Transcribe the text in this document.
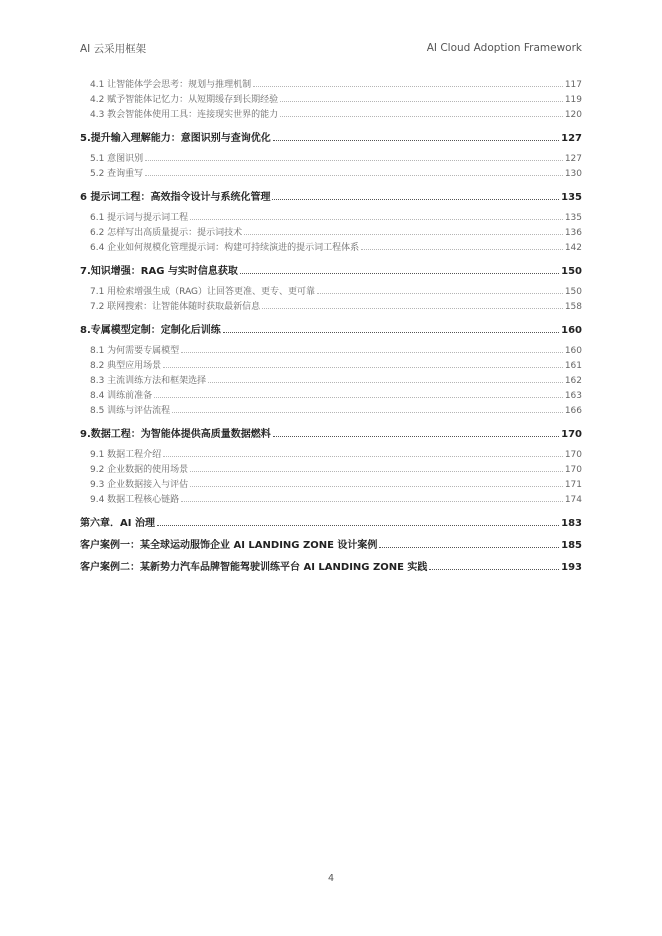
AI 云采用框架	AI Cloud Adoption Framework
4.1 让智能体学会思考：规划与推理机制	117
4.2 赋予智能体记忆力：从短期缓存到长期经验	119
4.3 教会智能体使用工具：连接现实世界的能力	120
5.提升输入理解能力：意图识别与查询优化	127
5.1 意图识别	127
5.2 查询重写	130
6 提示词工程：高效指令设计与系统化管理	135
6.1 提示词与提示词工程	135
6.2 怎样写出高质量提示：提示词技术	136
6.4 企业如何规模化管理提示词：构建可持续演进的提示词工程体系	142
7.知识增强：RAG 与实时信息获取	150
7.1 用检索增强生成（RAG）让回答更准、更专、更可靠	150
7.2 联网搜索：让智能体随时获取最新信息	158
8.专属模型定制：定制化后训练	160
8.1 为何需要专属模型	160
8.2 典型应用场景	161
8.3 主流训练方法和框架选择	162
8.4 训练前准备	163
8.5 训练与评估流程	166
9.数据工程：为智能体提供高质量数据燃料	170
9.1 数据工程介绍	170
9.2 企业数据的使用场景	170
9.3 企业数据接入与评估	171
9.4 数据工程核心链路	174
第六章．AI 治理	183
客户案例一：某全球运动服饰企业 AI LANDING ZONE 设计案例	185
客户案例二：某新势力汽车品牌智能驾驶训练平台 AI LANDING ZONE 实践	193
4
